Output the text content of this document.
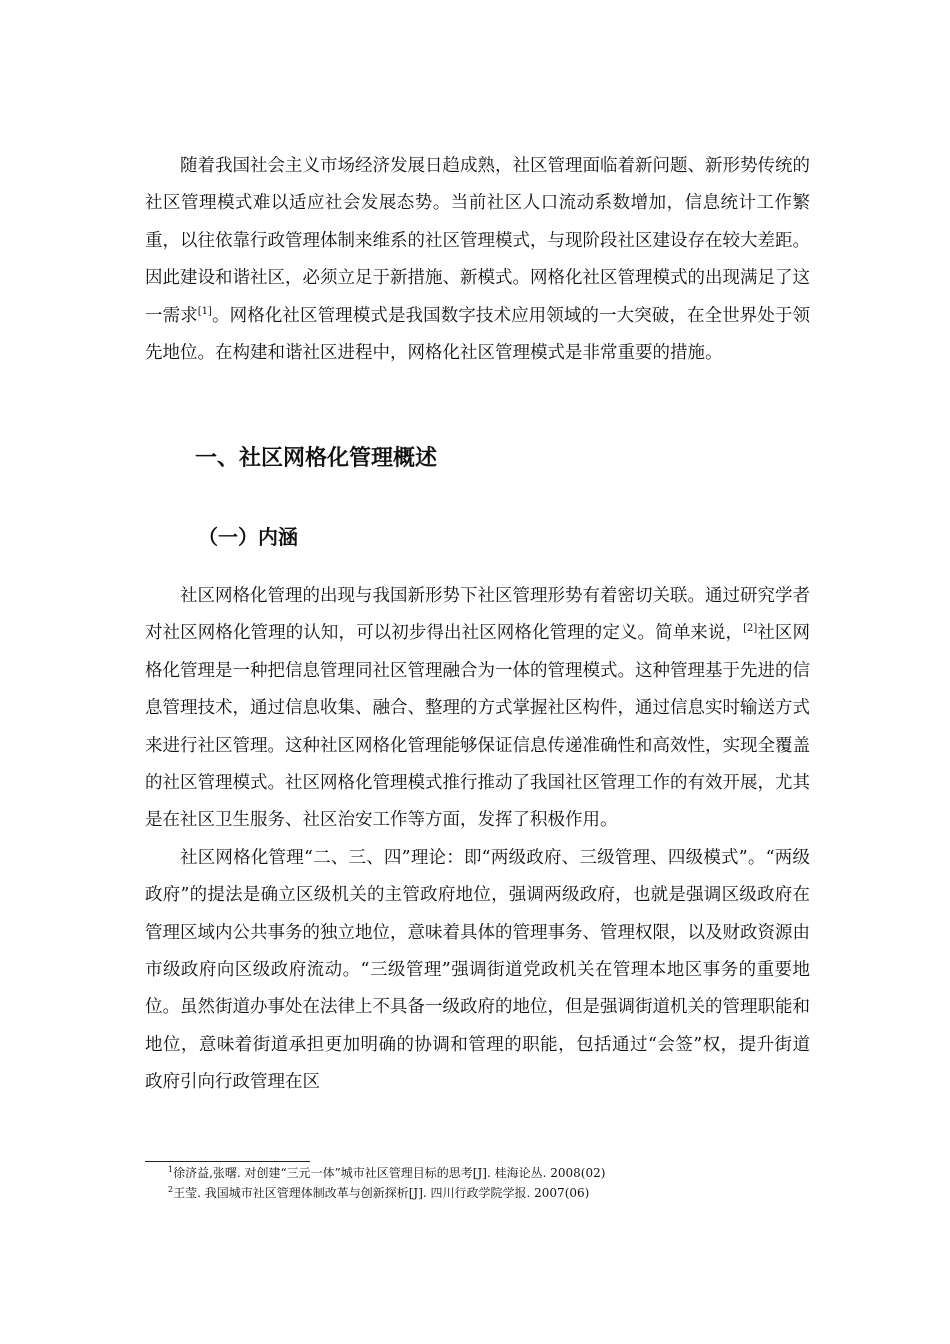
随着我国社会主义市场经济发展日趋成熟，社区管理面临着新问题、新形势传统的社区管理模式难以适应社会发展态势。当前社区人口流动系数增加，信息统计工作繁重，以往依靠行政管理体制来维系的社区管理模式，与现阶段社区建设存在较大差距。因此建设和谐社区，必须立足于新措施、新模式。网格化社区管理模式的出现满足了这一需求[1]。网格化社区管理模式是我国数字技术应用领域的一大突破，在全世界处于领先地位。在构建和谐社区进程中，网格化社区管理模式是非常重要的措施。

一、社区网格化管理概述
（一）内涵

社区网格化管理的出现与我国新形势下社区管理形势有着密切关联。通过研究学者对社区网格化管理的认知，可以初步得出社区网格化管理的定义。简单来说，[2]社区网格化管理是一种把信息管理同社区管理融合为一体的管理模式。这种管理基于先进的信息管理技术，通过信息收集、融合、整理的方式掌握社区构件，通过信息实时输送方式来进行社区管理。这种社区网格化管理能够保证信息传递准确性和高效性，实现全覆盖的社区管理模式。社区网格化管理模式推行推动了我国社区管理工作的有效开展，尤其是在社区卫生服务、社区治安工作等方面，发挥了积极作用。

社区网格化管理“二、三、四”理论：即“两级政府、三级管理、四级模式”。“两级政府”的提法是确立区级机关的主管政府地位，强调两级政府，也就是强调区级政府在管理区域内公共事务的独立地位，意味着具体的管理事务、管理权限，以及财政资源由市级政府向区级政府流动。“三级管理”强调街道党政机关在管理本地区事务的重要地位。虽然街道办事处在法律上不具备一级政府的地位，但是强调街道机关的管理职能和地位，意味着街道承担更加明确的协调和管理的职能，包括通过“会签”权，提升街道政府引向行政管理在区

$^1$徐济益,张曙. 对创建“三元一体”城市社区管理目标的思考[J]. 桂海论丛. 2008(02)
$^2$王莹. 我国城市社区管理体制改革与创新探析[J]. 四川行政学院学报. 2007(06)
